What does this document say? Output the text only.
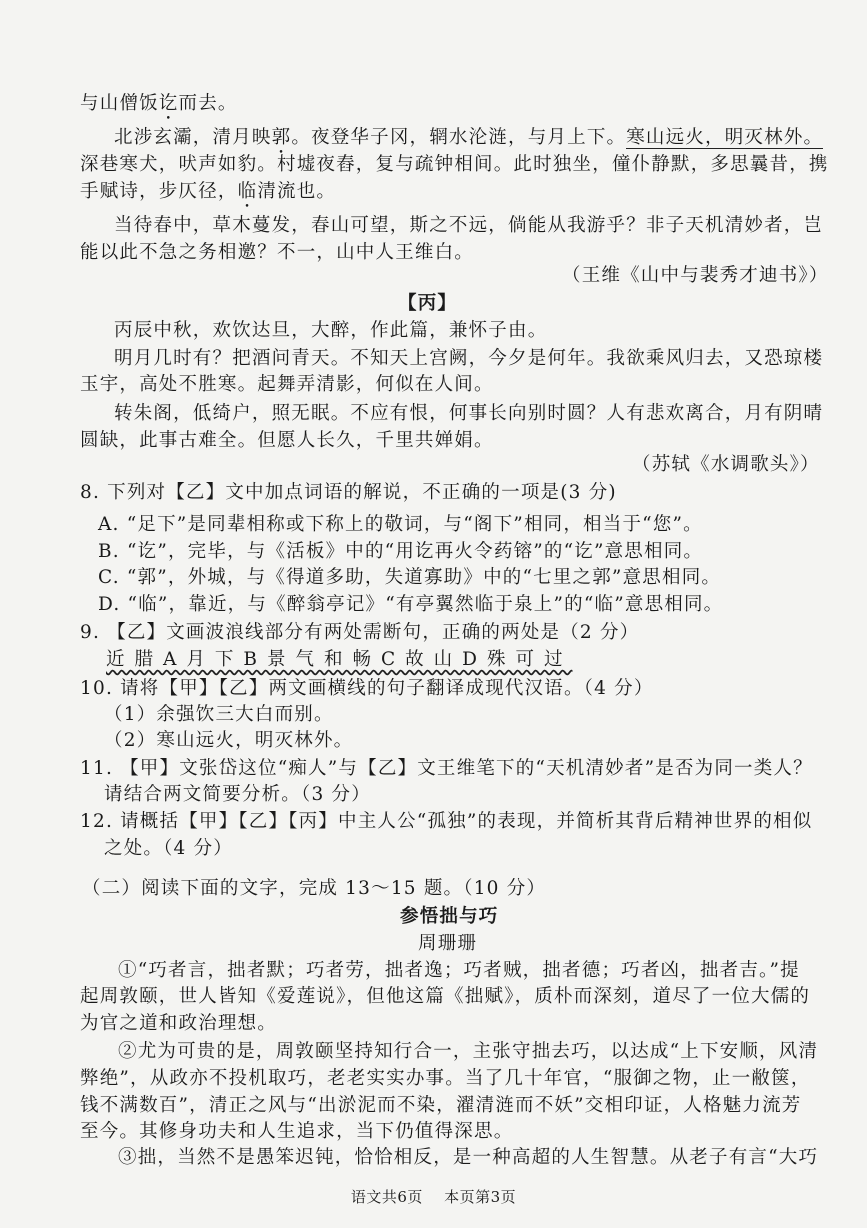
与山僧饭讫而去。
北涉玄灞，清月映郭。夜登华子冈，辋水沦涟，与月上下。寒山远火，明灭林外。
深巷寒犬，吠声如豹。村墟夜舂，复与疏钟相间。此时独坐，僮仆静默，多思曩昔，携
手赋诗，步仄径，临清流也。
当待春中，草木蔓发，春山可望，斯之不远，倘能从我游乎？非子天机清妙者，岂
能以此不急之务相邀？不一，山中人王维白。
（王维《山中与裴秀才迪书》）
【丙】
丙辰中秋，欢饮达旦，大醉，作此篇，兼怀子由。
明月几时有？把酒问青天。不知天上宫阙，今夕是何年。我欲乘风归去，又恐琼楼
玉宇，高处不胜寒。起舞弄清影，何似在人间。
转朱阁，低绮户，照无眠。不应有恨，何事长向别时圆？人有悲欢离合，月有阴晴
圆缺，此事古难全。但愿人长久，千里共婵娟。
（苏轼《水调歌头》）
8. 下列对【乙】文中加点词语的解说，不正确的一项是(3 分)
A. “足下”是同辈相称或下称上的敬词，与“阁下”相同，相当于“您”。
B. “讫”，完毕，与《活板》中的“用讫再火令药镕”的“讫”意思相同。
C. “郭”，外城，与《得道多助，失道寡助》中的“七里之郭”意思相同。
D. “临”，靠近，与《醉翁亭记》“有亭翼然临于泉上”的“临”意思相同。
9. 【乙】文画波浪线部分有两处需断句，正确的两处是（2 分）
近腊A月下B景气和畅C故山D殊可过
10. 请将【甲】【乙】两文画横线的句子翻译成现代汉语。（4 分）
（1）余强饮三大白而别。
（2）寒山远火，明灭林外。
11. 【甲】文张岱这位“痴人”与【乙】文王维笔下的“天机清妙者”是否为同一类人？
请结合两文简要分析。（3 分）
12. 请概括【甲】【乙】【丙】中主人公“孤独”的表现，并简析其背后精神世界的相似
之处。（4 分）
（二）阅读下面的文字，完成 13～15 题。（10 分）
参悟拙与巧
周珊珊
①“巧者言，拙者默；巧者劳，拙者逸；巧者贼，拙者德；巧者凶，拙者吉。”提
起周敦颐，世人皆知《爱莲说》，但他这篇《拙赋》，质朴而深刻，道尽了一位大儒的
为官之道和政治理想。
②尤为可贵的是，周敦颐坚持知行合一，主张守拙去巧，以达成“上下安顺，风清
弊绝”，从政亦不投机取巧，老老实实办事。当了几十年官，“服御之物，止一敝箧，
钱不满数百”，清正之风与“出淤泥而不染，濯清涟而不妖”交相印证，人格魅力流芳
至今。其修身功夫和人生追求，当下仍值得深思。
③拙，当然不是愚笨迟钝，恰恰相反，是一种高超的人生智慧。从老子有言“大巧
语文共6页 本页第3页
